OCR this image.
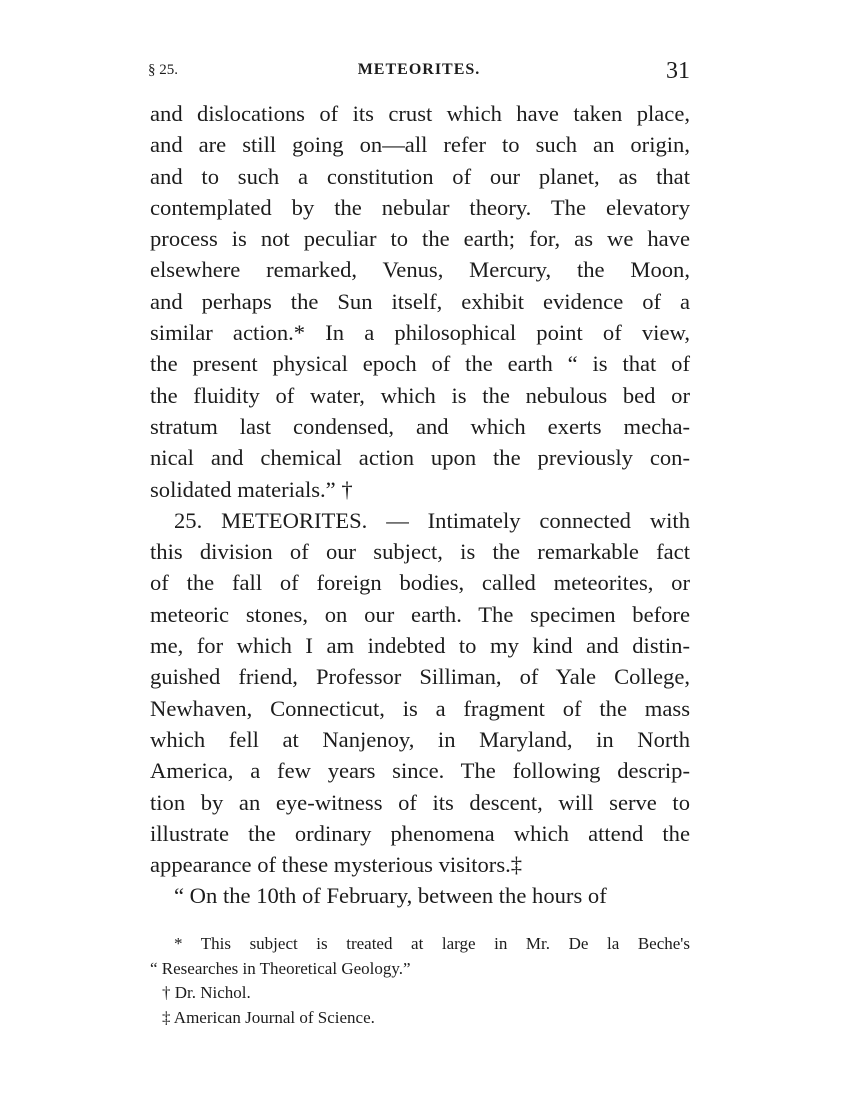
§ 25.	METEORITES.	31
and dislocations of its crust which have taken place,
and are still going on—all refer to such an origin,
and to such a constitution of our planet, as that
contemplated by the nebular theory. The elevatory
process is not peculiar to the earth; for, as we have
elsewhere remarked, Venus, Mercury, the Moon,
and perhaps the Sun itself, exhibit evidence of a
similar action.* In a philosophical point of view,
the present physical epoch of the earth “ is that of
the fluidity of water, which is the nebulous bed or
stratum last condensed, and which exerts mecha-
nical and chemical action upon the previously con-
solidated materials.” †
25. METEORITES. — Intimately connected with
this division of our subject, is the remarkable fact
of the fall of foreign bodies, called meteorites, or
meteoric stones, on our earth. The specimen before
me, for which I am indebted to my kind and distin-
guished friend, Professor Silliman, of Yale College,
Newhaven, Connecticut, is a fragment of the mass
which fell at Nanjenoy, in Maryland, in North
America, a few years since. The following descrip-
tion by an eye-witness of its descent, will serve to
illustrate the ordinary phenomena which attend the
appearance of these mysterious visitors.‡
“ On the 10th of February, between the hours of
* This subject is treated at large in Mr. De la Beche's
“ Researches in Theoretical Geology.”
† Dr. Nichol.
‡ American Journal of Science.
